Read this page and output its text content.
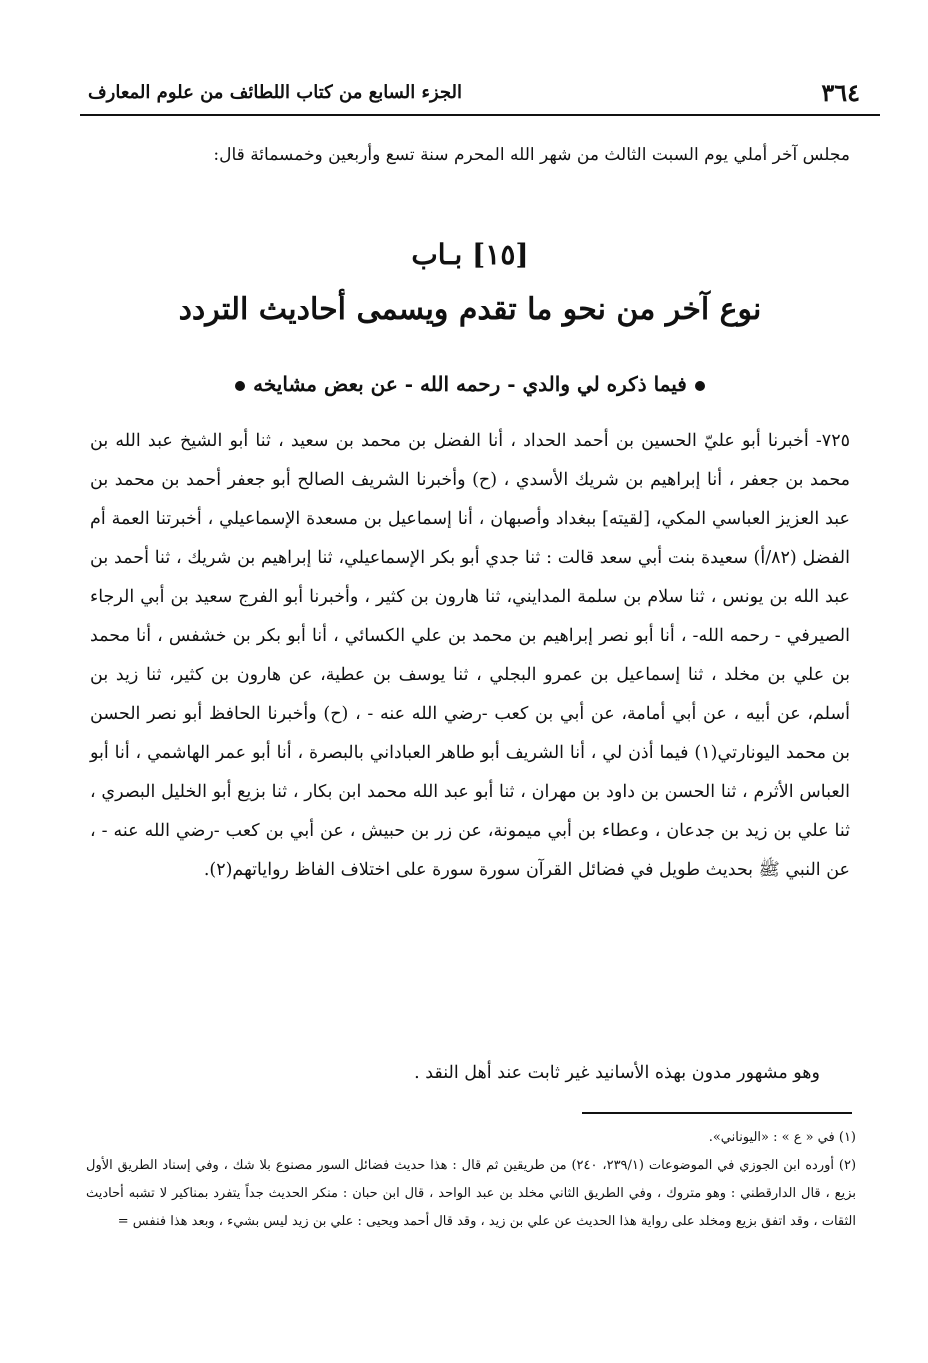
٣٦٤
الجزء السابع من كتاب اللطائف من علوم المعارف
مجلس آخر أملي يوم السبت الثالث من شهر الله المحرم سنة تسع وأربعين وخمسمائة قال:
[١٥] بـاب
نوع آخر من نحو ما تقدم ويسمى أحاديث التردد
فيما ذكره لي والدي - رحمه الله - عن بعض مشايخه
٧٢٥- أخبرنا أبو عليّ الحسين بن أحمد الحداد ، أنا الفضل بن محمد بن سعيد ، ثنا أبو الشيخ عبد الله بن محمد بن جعفر ، أنا إبراهيم بن شريك الأسدي ، (ح) وأخبرنا الشريف الصالح أبو جعفر أحمد بن محمد بن عبد العزيز العباسي المكي، [لقيته] ببغداد وأصبهان ، أنا إسماعيل بن مسعدة الإسماعيلي ، أخبرتنا العمة أم الفضل (٨٢/أ) سعيدة بنت أبي سعد قالت : ثنا جدي أبو بكر الإسماعيلي، ثنا إبراهيم بن شريك ، ثنا أحمد بن عبد الله بن يونس ، ثنا سلام بن سلمة المدايني، ثنا هارون بن كثير ، وأخبرنا أبو الفرج سعيد بن أبي الرجاء الصيرفي - رحمه الله- ، أنا أبو نصر إبراهيم بن محمد بن علي الكسائي ، أنا أبو بكر بن خشفس ، أنا محمد بن علي بن مخلد ، ثنا إسماعيل بن عمرو البجلي ، ثنا يوسف بن عطية، عن هارون بن كثير، ثنا زيد بن أسلم، عن أبيه ، عن أبي أمامة، عن أبي بن كعب -رضي الله عنه - ، (ح) وأخبرنا الحافظ أبو نصر الحسن بن محمد اليونارتي(١) فيما أذن لي ، أنا الشريف أبو طاهر العباداني بالبصرة ، أنا أبو عمر الهاشمي ، أنا أبو العباس الأثرم ، ثنا الحسن بن داود بن مهران ، ثنا أبو عبد الله محمد ابن بكار ، ثنا بزيع أبو الخليل البصري ، ثنا علي بن زيد بن جدعان ، وعطاء بن أبي ميمونة، عن زر بن حبيش ، عن أبي بن كعب -رضي الله عنه - ، عن النبي ﷺ بحديث طويل في فضائل القرآن سورة سورة على اختلاف الفاظ رواياتهم(٢).
وهو مشهور مدون بهذه الأسانيد غير ثابت عند أهل النقد .

(١) في « ع » : «اليوناني».

(٢) أورده ابن الجوزي في الموضوعات (٢٣٩/١، ٢٤٠) من طريقين ثم قال : هذا حديث فضائل السور مصنوع بلا شك ، وفي إسناد الطريق الأول بزيع ، قال الدارقطني : وهو متروك ، وفي الطريق الثاني مخلد بن عبد الواحد ، قال ابن حبان : منكر الحديث جداً يتفرد بمناكير لا تشبه أحاديث الثقات ، وقد اتفق بزيع ومخلد على رواية هذا الحديث عن علي بن زيد ، وقد قال أحمد ويحيى : علي بن زيد ليس بشيء ، وبعد هذا فنفس =
